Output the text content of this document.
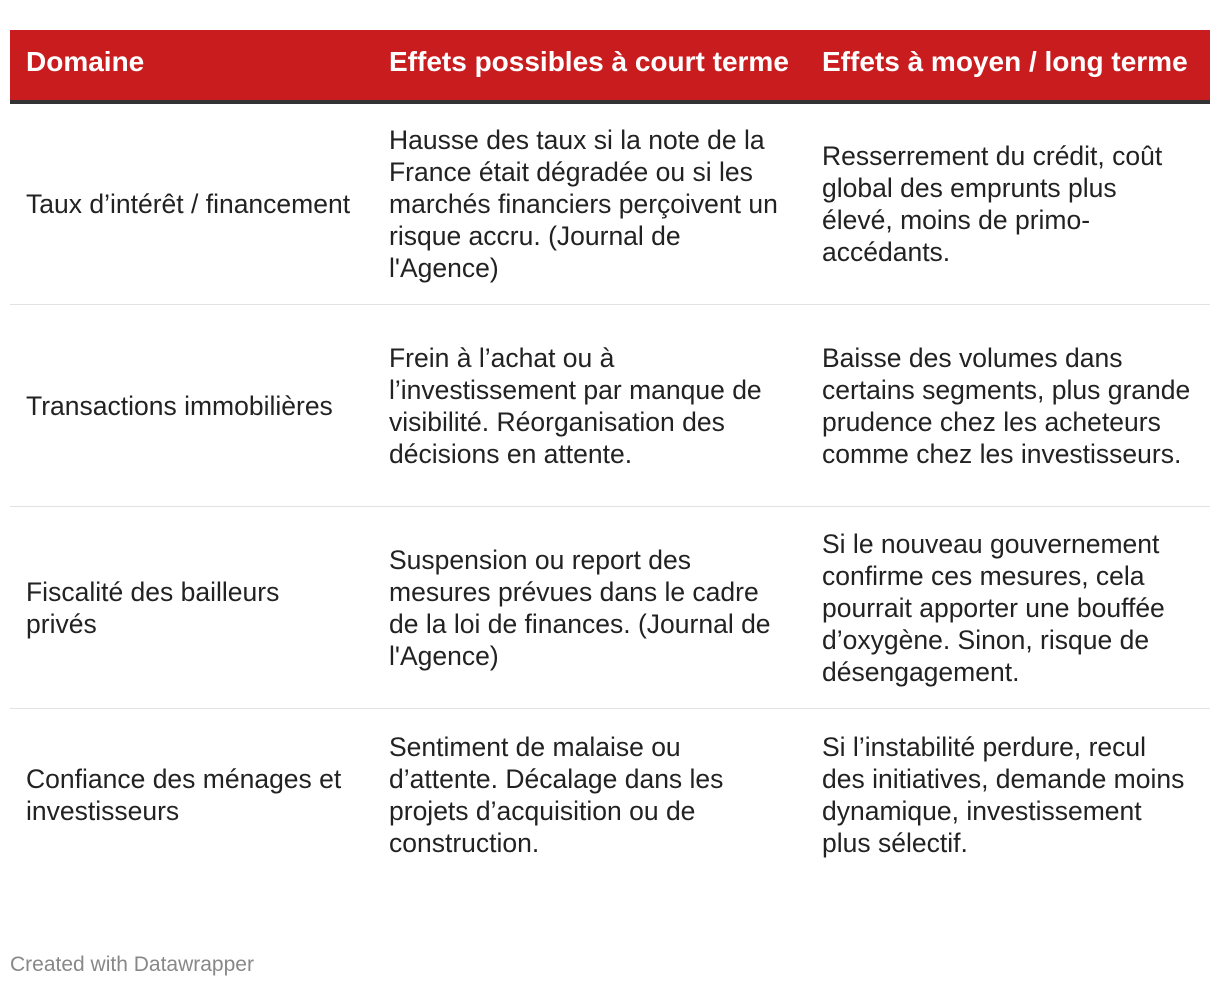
Domaine	Effets possibles à court terme	Effets à moyen / long terme
Taux d’intérêt / financement	Hausse des taux si la note de la France était dégradée ou si les marchés financiers perçoivent un risque accru. (Journal de l'Agence)	Resserrement du crédit, coût global des emprunts plus élevé, moins de primo-accédants.
Transactions immobilières	Frein à l’achat ou à l’investissement par manque de visibilité. Réorganisation des décisions en attente.	Baisse des volumes dans certains segments, plus grande prudence chez les acheteurs comme chez les investisseurs.
Fiscalité des bailleurs privés	Suspension ou report des mesures prévues dans le cadre de la loi de finances. (Journal de l'Agence)	Si le nouveau gouvernement confirme ces mesures, cela pourrait apporter une bouffée d’oxygène. Sinon, risque de désengagement.
Confiance des ménages et investisseurs	Sentiment de malaise ou d’attente. Décalage dans les projets d’acquisition ou de construction.	Si l’instabilité perdure, recul des initiatives, demande moins dynamique, investissement plus sélectif.
Created with Datawrapper
